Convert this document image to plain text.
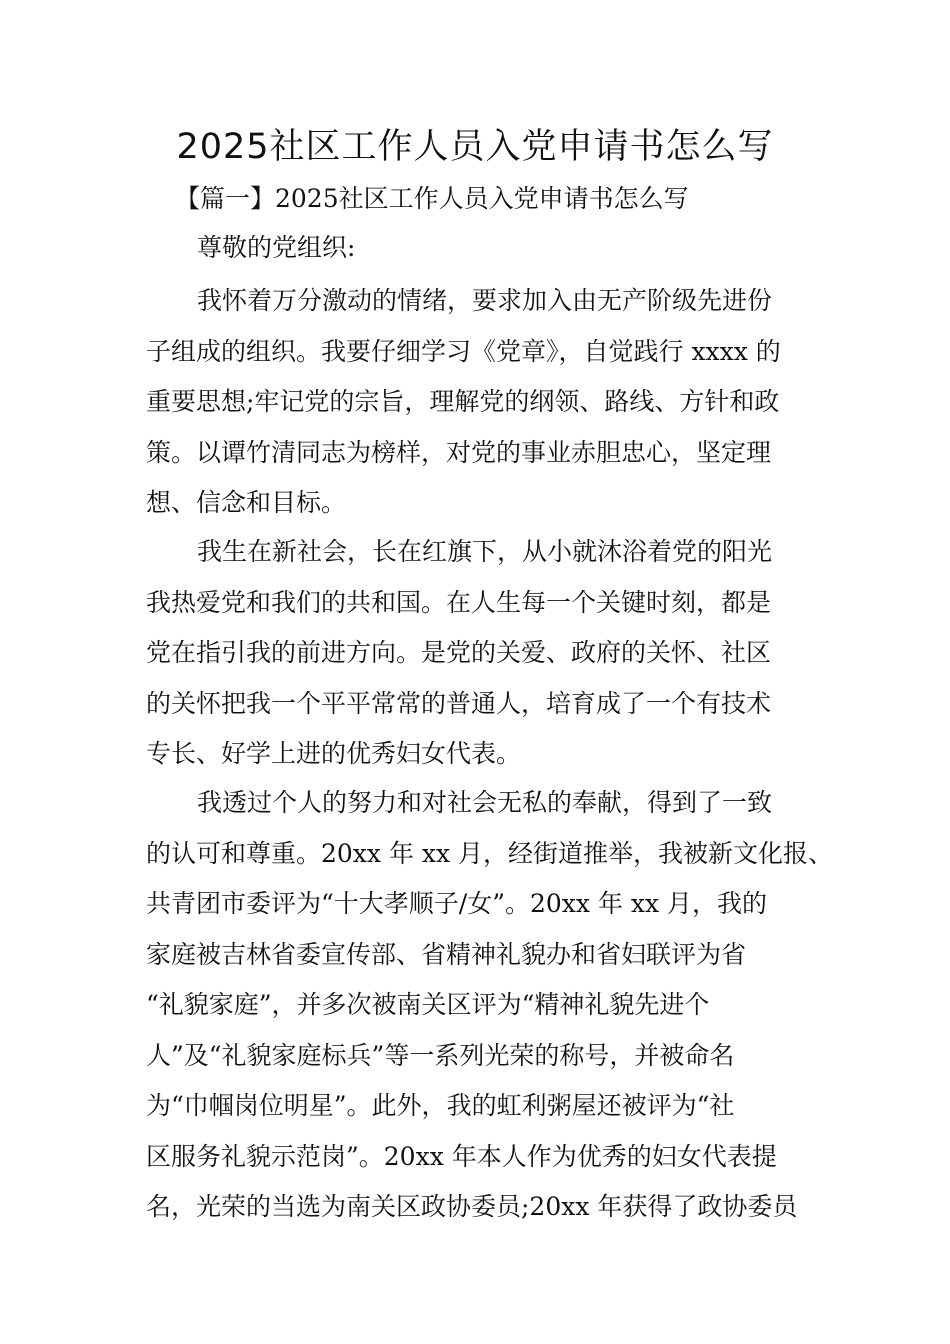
2025社区工作人员入党申请书怎么写

【篇一】2025社区工作人员入党申请书怎么写

尊敬的党组织:

我怀着万分激动的情绪，要求加入由无产阶级先进份
子组成的组织。我要仔细学习《党章》，自觉践行 xxxx 的
重要思想;牢记党的宗旨，理解党的纲领、路线、方针和政
策。以谭竹清同志为榜样，对党的事业赤胆忠心，坚定理
想、信念和目标。
我生在新社会，长在红旗下，从小就沐浴着党的阳光
我热爱党和我们的共和国。在人生每一个关键时刻，都是
党在指引我的前进方向。是党的关爱、政府的关怀、社区
的关怀把我一个平平常常的普通人，培育成了一个有技术
专长、好学上进的优秀妇女代表。
我透过个人的努力和对社会无私的奉献，得到了一致
的认可和尊重。20xx 年 xx 月，经街道推举，我被新文化报、
共青团市委评为“十大孝顺子/女”。20xx 年 xx 月，我的
家庭被吉林省委宣传部、省精神礼貌办和省妇联评为省
“礼貌家庭”，并多次被南关区评为“精神礼貌先进个
人”及“礼貌家庭标兵”等一系列光荣的称号，并被命名
为“巾帼岗位明星”。此外，我的虹利粥屋还被评为“社
区服务礼貌示范岗”。20xx 年本人作为优秀的妇女代表提
名，光荣的当选为南关区政协委员;20xx 年获得了政协委员
